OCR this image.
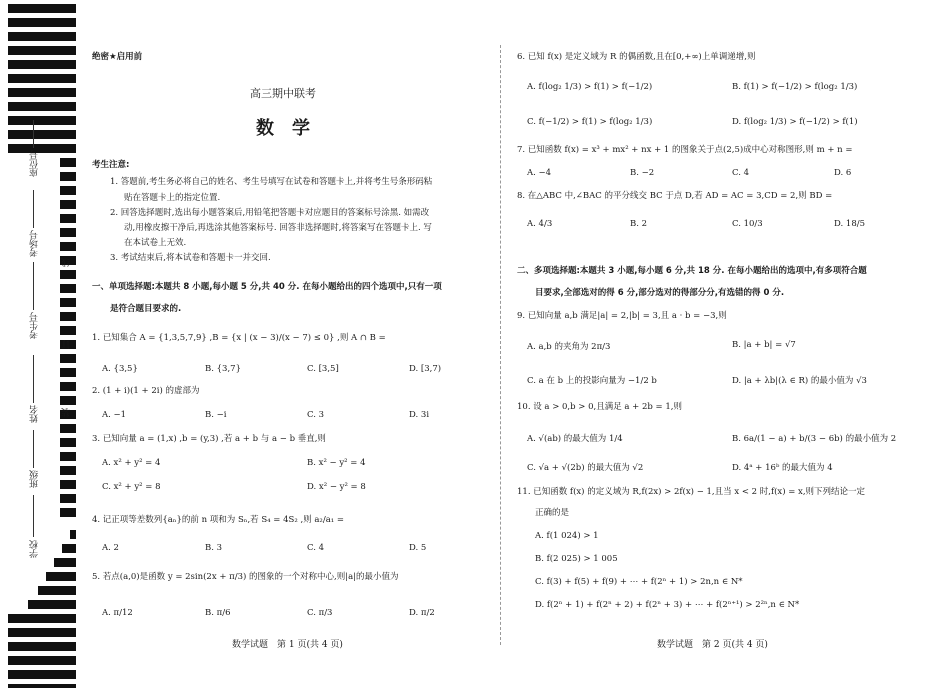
座位号
考场号
考生号
姓名
班级
学校
线
订
装
绝密★启用前
高三期中联考
数　学
考生注意:
1. 答题前,考生务必将自己的姓名、考生号填写在试卷和答题卡上,并将考生号条形码粘
贴在答题卡上的指定位置.
2. 回答选择题时,选出每小题答案后,用铅笔把答题卡对应题目的答案标号涂黑. 如需改
动,用橡皮擦干净后,再选涂其他答案标号. 回答非选择题时,将答案写在答题卡上. 写
在本试卷上无效.
3. 考试结束后,将本试卷和答题卡一并交回.
一、单项选择题:本题共 8 小题,每小题 5 分,共 40 分. 在每小题给出的四个选项中,只有一项
是符合题目要求的.
1. 已知集合 A = {1,3,5,7,9} ,B = {x | (x − 3)/(x − 7) ≤ 0} ,则 A ∩ B =
A. {3,5}	B. {3,7}	C. [3,5]	D. [3,7)
2. (1 + i)(1 + 2i) 的虚部为
A. −1	B. −i	C. 3	D. 3i
3. 已知向量 a = (1,x) ,b = (y,3) ,若 a + b 与 a − b 垂直,则
A. x² + y² = 4	B. x² − y² = 4
C. x² + y² = 8	D. x² − y² = 8
4. 记正项等差数列{aₙ}的前 n 项和为 Sₙ,若 S₄ = 4S₂ ,则 a₂/a₁ =
A. 2	B. 3	C. 4	D. 5
5. 若点(a,0)是函数 y = 2sin(2x + π/3) 的图象的一个对称中心,则|a|的最小值为
A. π/12	B. π/6	C. π/3	D. π/2
数学试题　第 1 页(共 4 页)
6. 已知 f(x) 是定义域为 R 的偶函数,且在[0,+∞)上单调递增,则
A. f(log₂ 1/3) > f(1) > f(−1/2)	B. f(1) > f(−1/2) > f(log₂ 1/3)
C. f(−1/2) > f(1) > f(log₂ 1/3)	D. f(log₂ 1/3) > f(−1/2) > f(1)
7. 已知函数 f(x) = x³ + mx² + nx + 1 的图象关于点(2,5)成中心对称图形,则 m + n =
A. −4	B. −2	C. 4	D. 6
8. 在△ABC 中,∠BAC 的平分线交 BC 于点 D,若 AD = AC = 3,CD = 2,则 BD =
A. 4/3	B. 2	C. 10/3	D. 18/5
二、多项选择题:本题共 3 小题,每小题 6 分,共 18 分. 在每小题给出的选项中,有多项符合题
目要求,全部选对的得 6 分,部分选对的得部分分,有选错的得 0 分.
9. 已知向量 a,b 满足|a| = 2,|b| = 3,且 a · b = −3,则
A. a,b 的夹角为 2π/3	B. |a + b| = √7
C. a 在 b 上的投影向量为 −1/2 b	D. |a + λb|(λ ∈ R) 的最小值为 √3
10. 设 a > 0,b > 0,且满足 a + 2b = 1,则
A. √(ab) 的最大值为 1/4	B. 6a/(1 − a) + b/(3 − 6b) 的最小值为 2
C. √a + √(2b) 的最大值为 √2	D. 4ᵃ + 16ᵇ 的最大值为 4
11. 已知函数 f(x) 的定义域为 R,f(2x) > 2f(x) − 1,且当 x < 2 时,f(x) = x,则下列结论一定
正确的是
A. f(1 024) > 1
B. f(2 025) > 1 005
C. f(3) + f(5) + f(9) + ⋯ + f(2ⁿ + 1) > 2n,n ∈ N*
D. f(2ⁿ + 1) + f(2ⁿ + 2) + f(2ⁿ + 3) + ⋯ + f(2ⁿ⁺¹) > 2²ⁿ,n ∈ N*
数学试题　第 2 页(共 4 页)
